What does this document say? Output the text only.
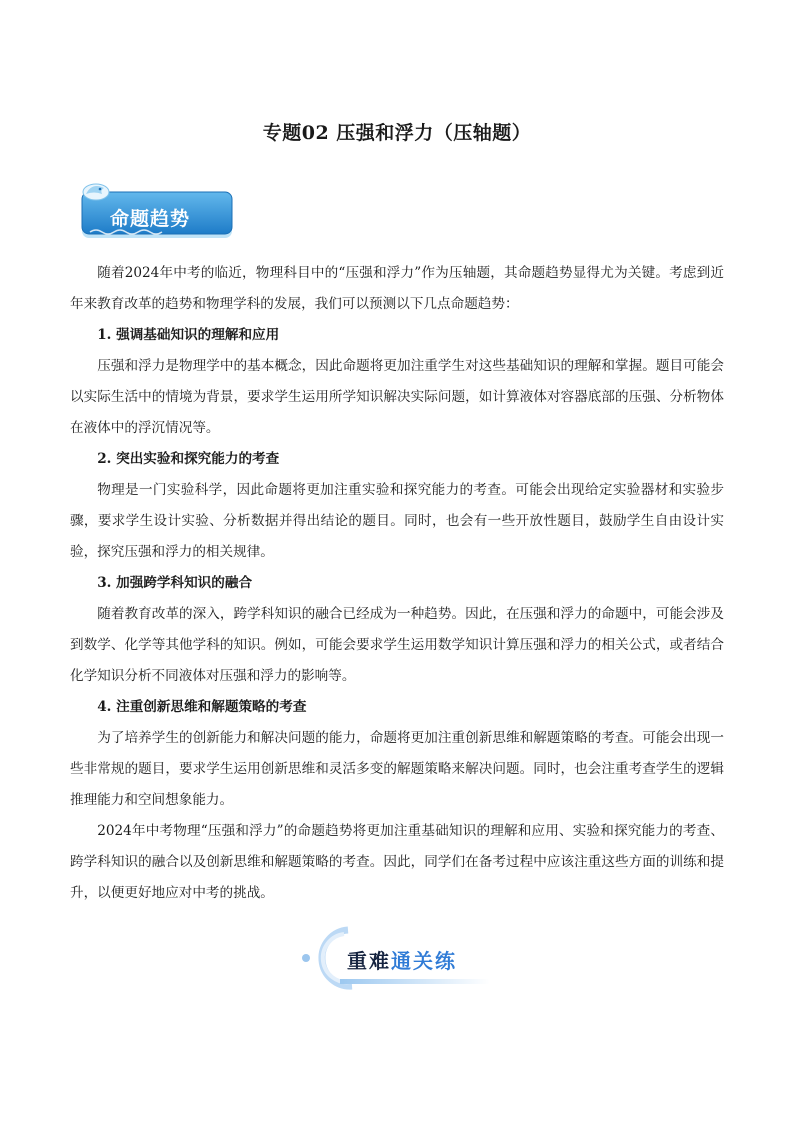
专题02 压强和浮力（压轴题）
命题趋势

随着2024年中考的临近，物理科目中的“压强和浮力”作为压轴题，其命题趋势显得尤为关键。考虑到近年来教育改革的趋势和物理学科的发展，我们可以预测以下几点命题趋势：

1. 强调基础知识的理解和应用

压强和浮力是物理学中的基本概念，因此命题将更加注重学生对这些基础知识的理解和掌握。题目可能会以实际生活中的情境为背景，要求学生运用所学知识解决实际问题，如计算液体对容器底部的压强、分析物体在液体中的浮沉情况等。

2. 突出实验和探究能力的考查

物理是一门实验科学，因此命题将更加注重实验和探究能力的考查。可能会出现给定实验器材和实验步骤，要求学生设计实验、分析数据并得出结论的题目。同时，也会有一些开放性题目，鼓励学生自由设计实验，探究压强和浮力的相关规律。

3. 加强跨学科知识的融合

随着教育改革的深入，跨学科知识的融合已经成为一种趋势。因此，在压强和浮力的命题中，可能会涉及到数学、化学等其他学科的知识。例如，可能会要求学生运用数学知识计算压强和浮力的相关公式，或者结合化学知识分析不同液体对压强和浮力的影响等。

4. 注重创新思维和解题策略的考查

为了培养学生的创新能力和解决问题的能力，命题将更加注重创新思维和解题策略的考查。可能会出现一些非常规的题目，要求学生运用创新思维和灵活多变的解题策略来解决问题。同时，也会注重考查学生的逻辑推理能力和空间想象能力。

2024年中考物理“压强和浮力”的命题趋势将更加注重基础知识的理解和应用、实验和探究能力的考查、跨学科知识的融合以及创新思维和解题策略的考查。因此，同学们在备考过程中应该注重这些方面的训练和提升，以便更好地应对中考的挑战。

重难通关练
